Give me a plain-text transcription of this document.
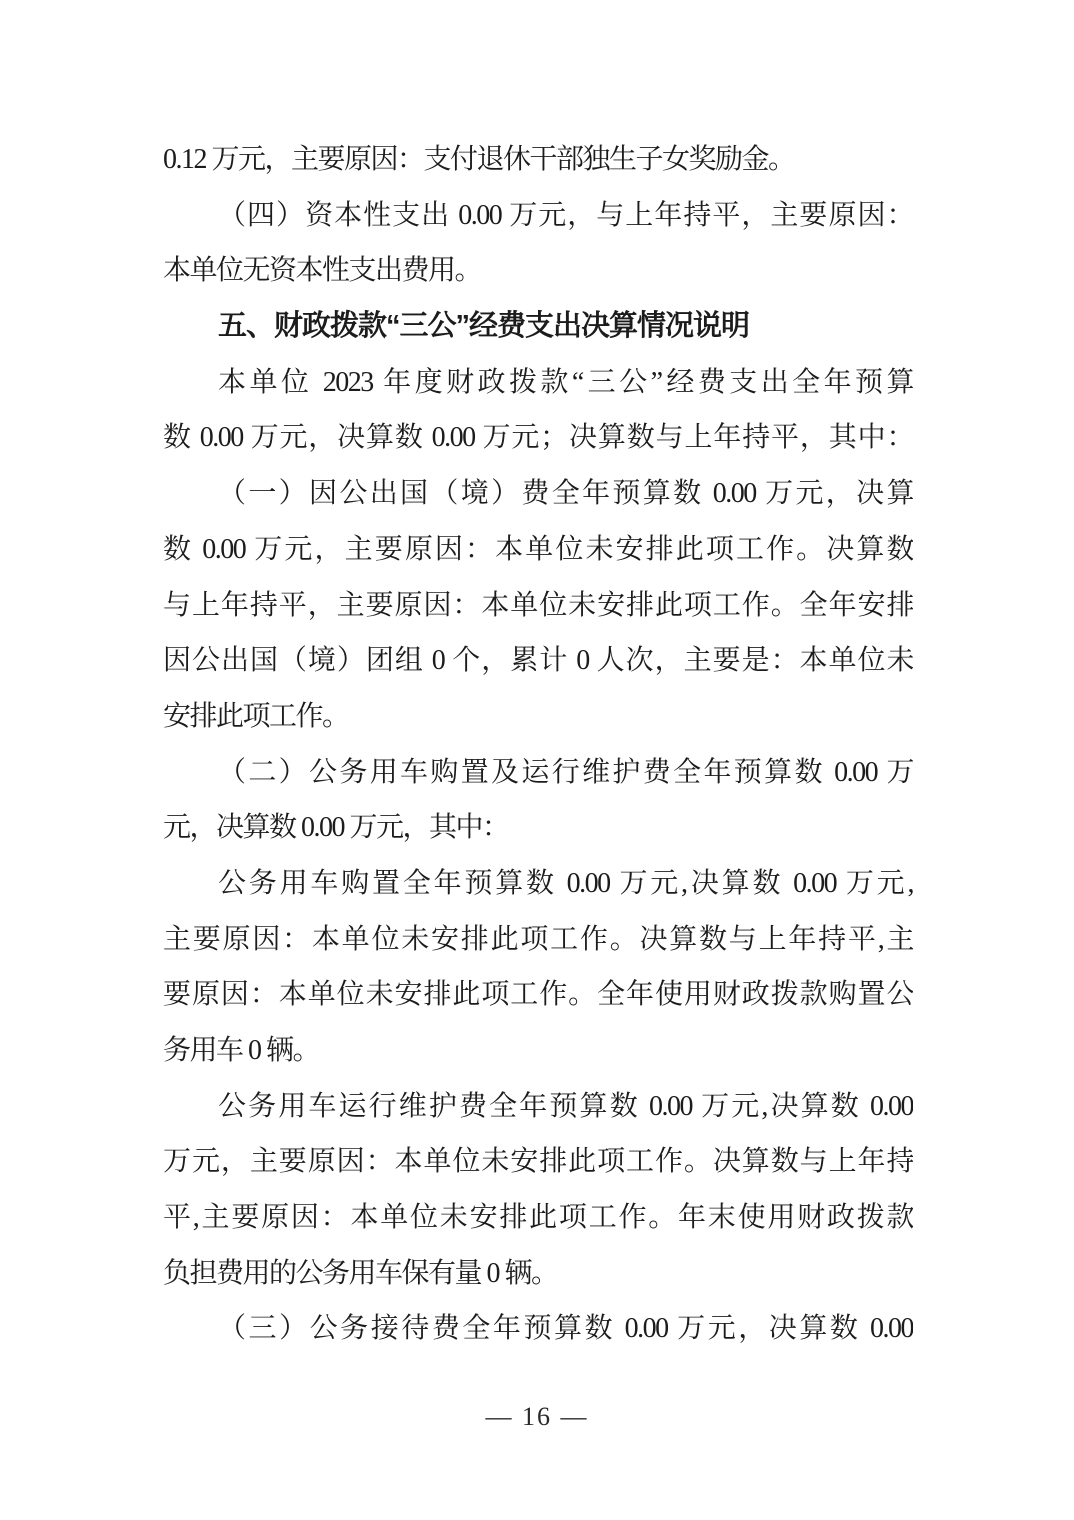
0.12 万元，主要原因：支付退休干部独生子女奖励金。
（四）资本性支出 0.00 万元，与上年持平，主要原因：
本单位无资本性支出费用。
五、财政拨款“三公”经费支出决算情况说明
本单位 2023 年度财政拨款“三公”经费支出全年预算
数 0.00 万元，决算数 0.00 万元；决算数与上年持平，其中：
（一）因公出国（境）费全年预算数 0.00 万元，决算
数 0.00 万元，主要原因：本单位未安排此项工作。决算数
与上年持平，主要原因：本单位未安排此项工作。全年安排
因公出国（境）团组 0 个，累计 0 人次，主要是：本单位未
安排此项工作。
（二）公务用车购置及运行维护费全年预算数 0.00 万
元，决算数 0.00 万元，其中：
公务用车购置全年预算数 0.00 万元,决算数 0.00 万元,
主要原因：本单位未安排此项工作。决算数与上年持平,主
要原因：本单位未安排此项工作。全年使用财政拨款购置公
务用车 0 辆。
公务用车运行维护费全年预算数 0.00 万元,决算数 0.00
万元，主要原因：本单位未安排此项工作。决算数与上年持
平,主要原因：本单位未安排此项工作。年末使用财政拨款
负担费用的公务用车保有量 0 辆。
（三）公务接待费全年预算数 0.00 万元，决算数 0.00
— 16 —
